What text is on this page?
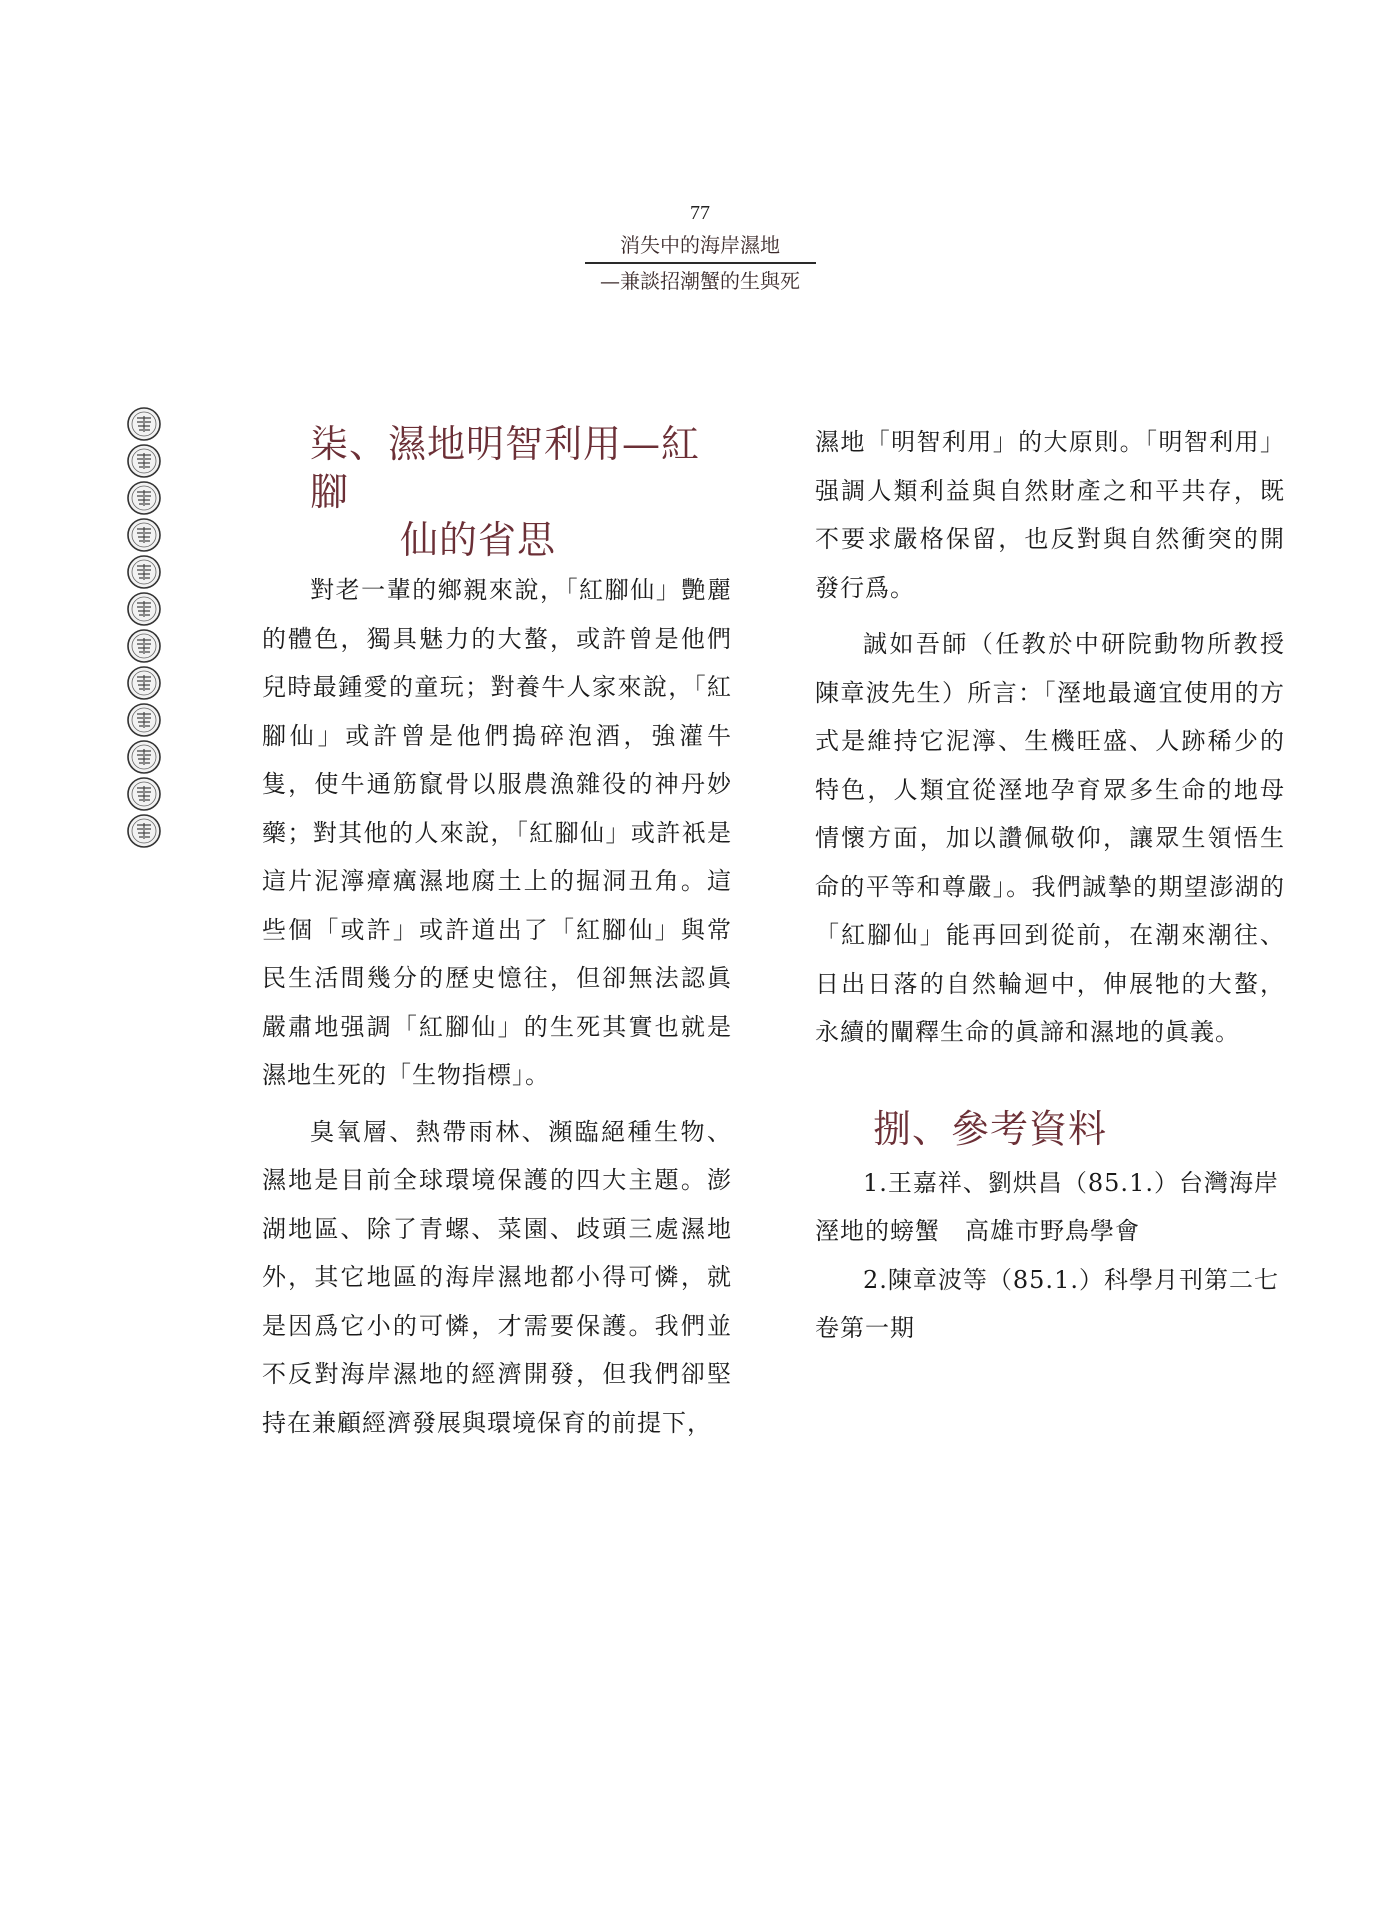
77
消失中的海岸濕地
—兼談招潮蟹的生與死
柒、濕地明智利用—紅腳
仙的省思

對老一輩的鄉親來說，「紅腳仙」艷麗的體色，獨具魅力的大螯，或許曾是他們兒時最鍾愛的童玩；對養牛人家來說，「紅腳仙」或許曾是他們搗碎泡酒，強灌牛隻，使牛通筋竄骨以服農漁雜役的神丹妙藥；對其他的人來說，「紅腳仙」或許祇是這片泥濘瘴癘濕地腐土上的掘洞丑角。這些個「或許」或許道出了「紅腳仙」與常民生活間幾分的歷史憶往，但卻無法認眞嚴肅地强調「紅腳仙」的生死其實也就是濕地生死的「生物指標」。

臭氧層、熱帶雨林、瀕臨絕種生物、濕地是目前全球環境保護的四大主題。澎湖地區、除了青螺、菜園、歧頭三處濕地外，其它地區的海岸濕地都小得可憐，就是因爲它小的可憐，才需要保護。我們並不反對海岸濕地的經濟開發，但我們卻堅持在兼顧經濟發展與環境保育的前提下，

濕地「明智利用」的大原則。「明智利用」强調人類利益與自然財產之和平共存，既不要求嚴格保留，也反對與自然衝突的開發行爲。

誠如吾師（任教於中研院動物所教授陳章波先生）所言：「溼地最適宜使用的方式是維持它泥濘、生機旺盛、人跡稀少的特色，人類宜從溼地孕育眾多生命的地母情懷方面，加以讚佩敬仰，讓眾生領悟生命的平等和尊嚴」。我們誠摯的期望澎湖的「紅腳仙」能再回到從前，在潮來潮往、日出日落的自然輪迴中，伸展牠的大螯，永續的闡釋生命的眞諦和濕地的眞義。

捌、參考資料

1.王嘉祥、劉烘昌（85.1.）台灣海岸溼地的螃蟹　高雄市野鳥學會

2.陳章波等（85.1.）科學月刊第二七卷第一期
